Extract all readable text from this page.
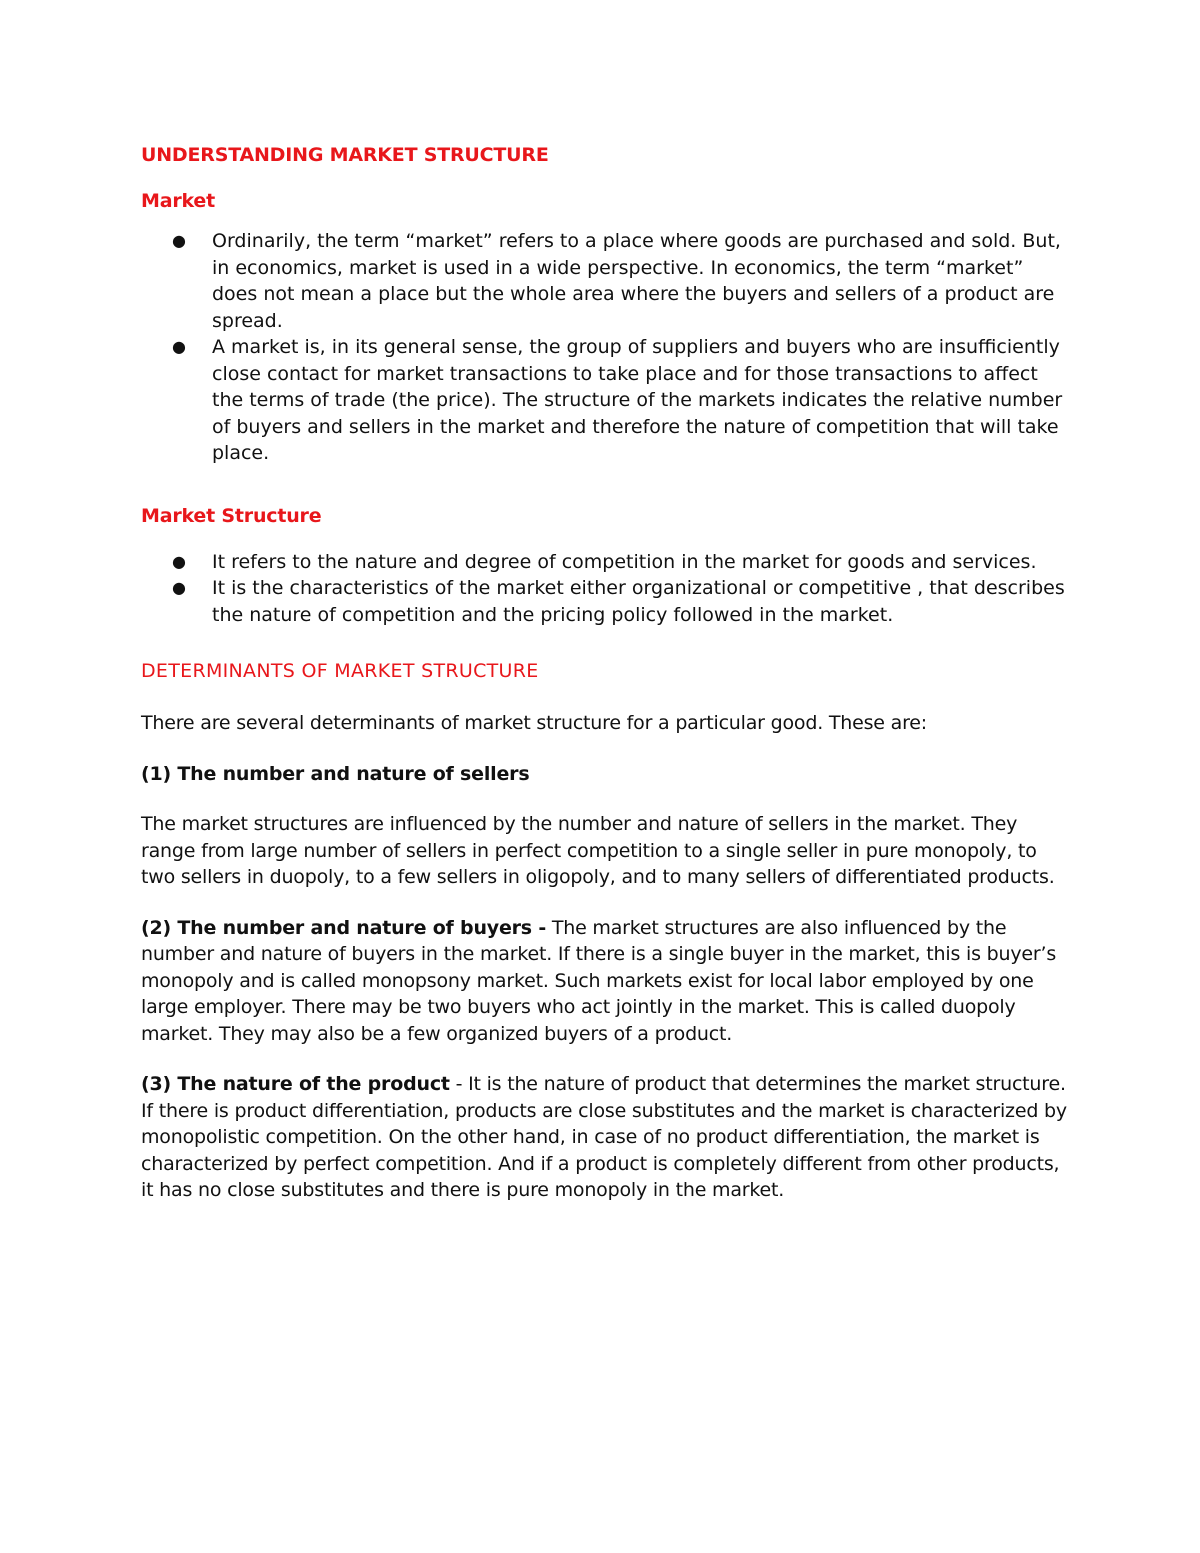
UNDERSTANDING MARKET STRUCTURE
Market
● Ordinarily, the term “market” refers to a place where goods are purchased and sold. But, in economics, market is used in a wide perspective. In economics, the term “market” does not mean a place but the whole area where the buyers and sellers of a product are spread.
● A market is, in its general sense, the group of suppliers and buyers who are insufficiently close contact for market transactions to take place and for those transactions to affect the terms of trade (the price). The structure of the markets indicates the relative number of buyers and sellers in the market and therefore the nature of competition that will take place.
Market Structure
● It refers to the nature and degree of competition in the market for goods and services.
● It is the characteristics of the market either organizational or competitive , that describes the nature of competition and the pricing policy followed in the market.
DETERMINANTS OF MARKET STRUCTURE

There are several determinants of market structure for a particular good. These are:

(1) The number and nature of sellers

The market structures are influenced by the number and nature of sellers in the market. They range from large number of sellers in perfect competition to a single seller in pure monopoly, to two sellers in duopoly, to a few sellers in oligopoly, and to many sellers of differentiated products.

(2) The number and nature of buyers - The market structures are also influenced by the number and nature of buyers in the market. If there is a single buyer in the market, this is buyer’s monopoly and is called monopsony market. Such markets exist for local labor employed by one large employer. There may be two buyers who act jointly in the market. This is called duopoly market. They may also be a few organized buyers of a product.

(3) The nature of the product - It is the nature of product that determines the market structure. If there is product differentiation, products are close substitutes and the market is characterized by monopolistic competition. On the other hand, in case of no product differentiation, the market is characterized by perfect competition. And if a product is completely different from other products, it has no close substitutes and there is pure monopoly in the market.
